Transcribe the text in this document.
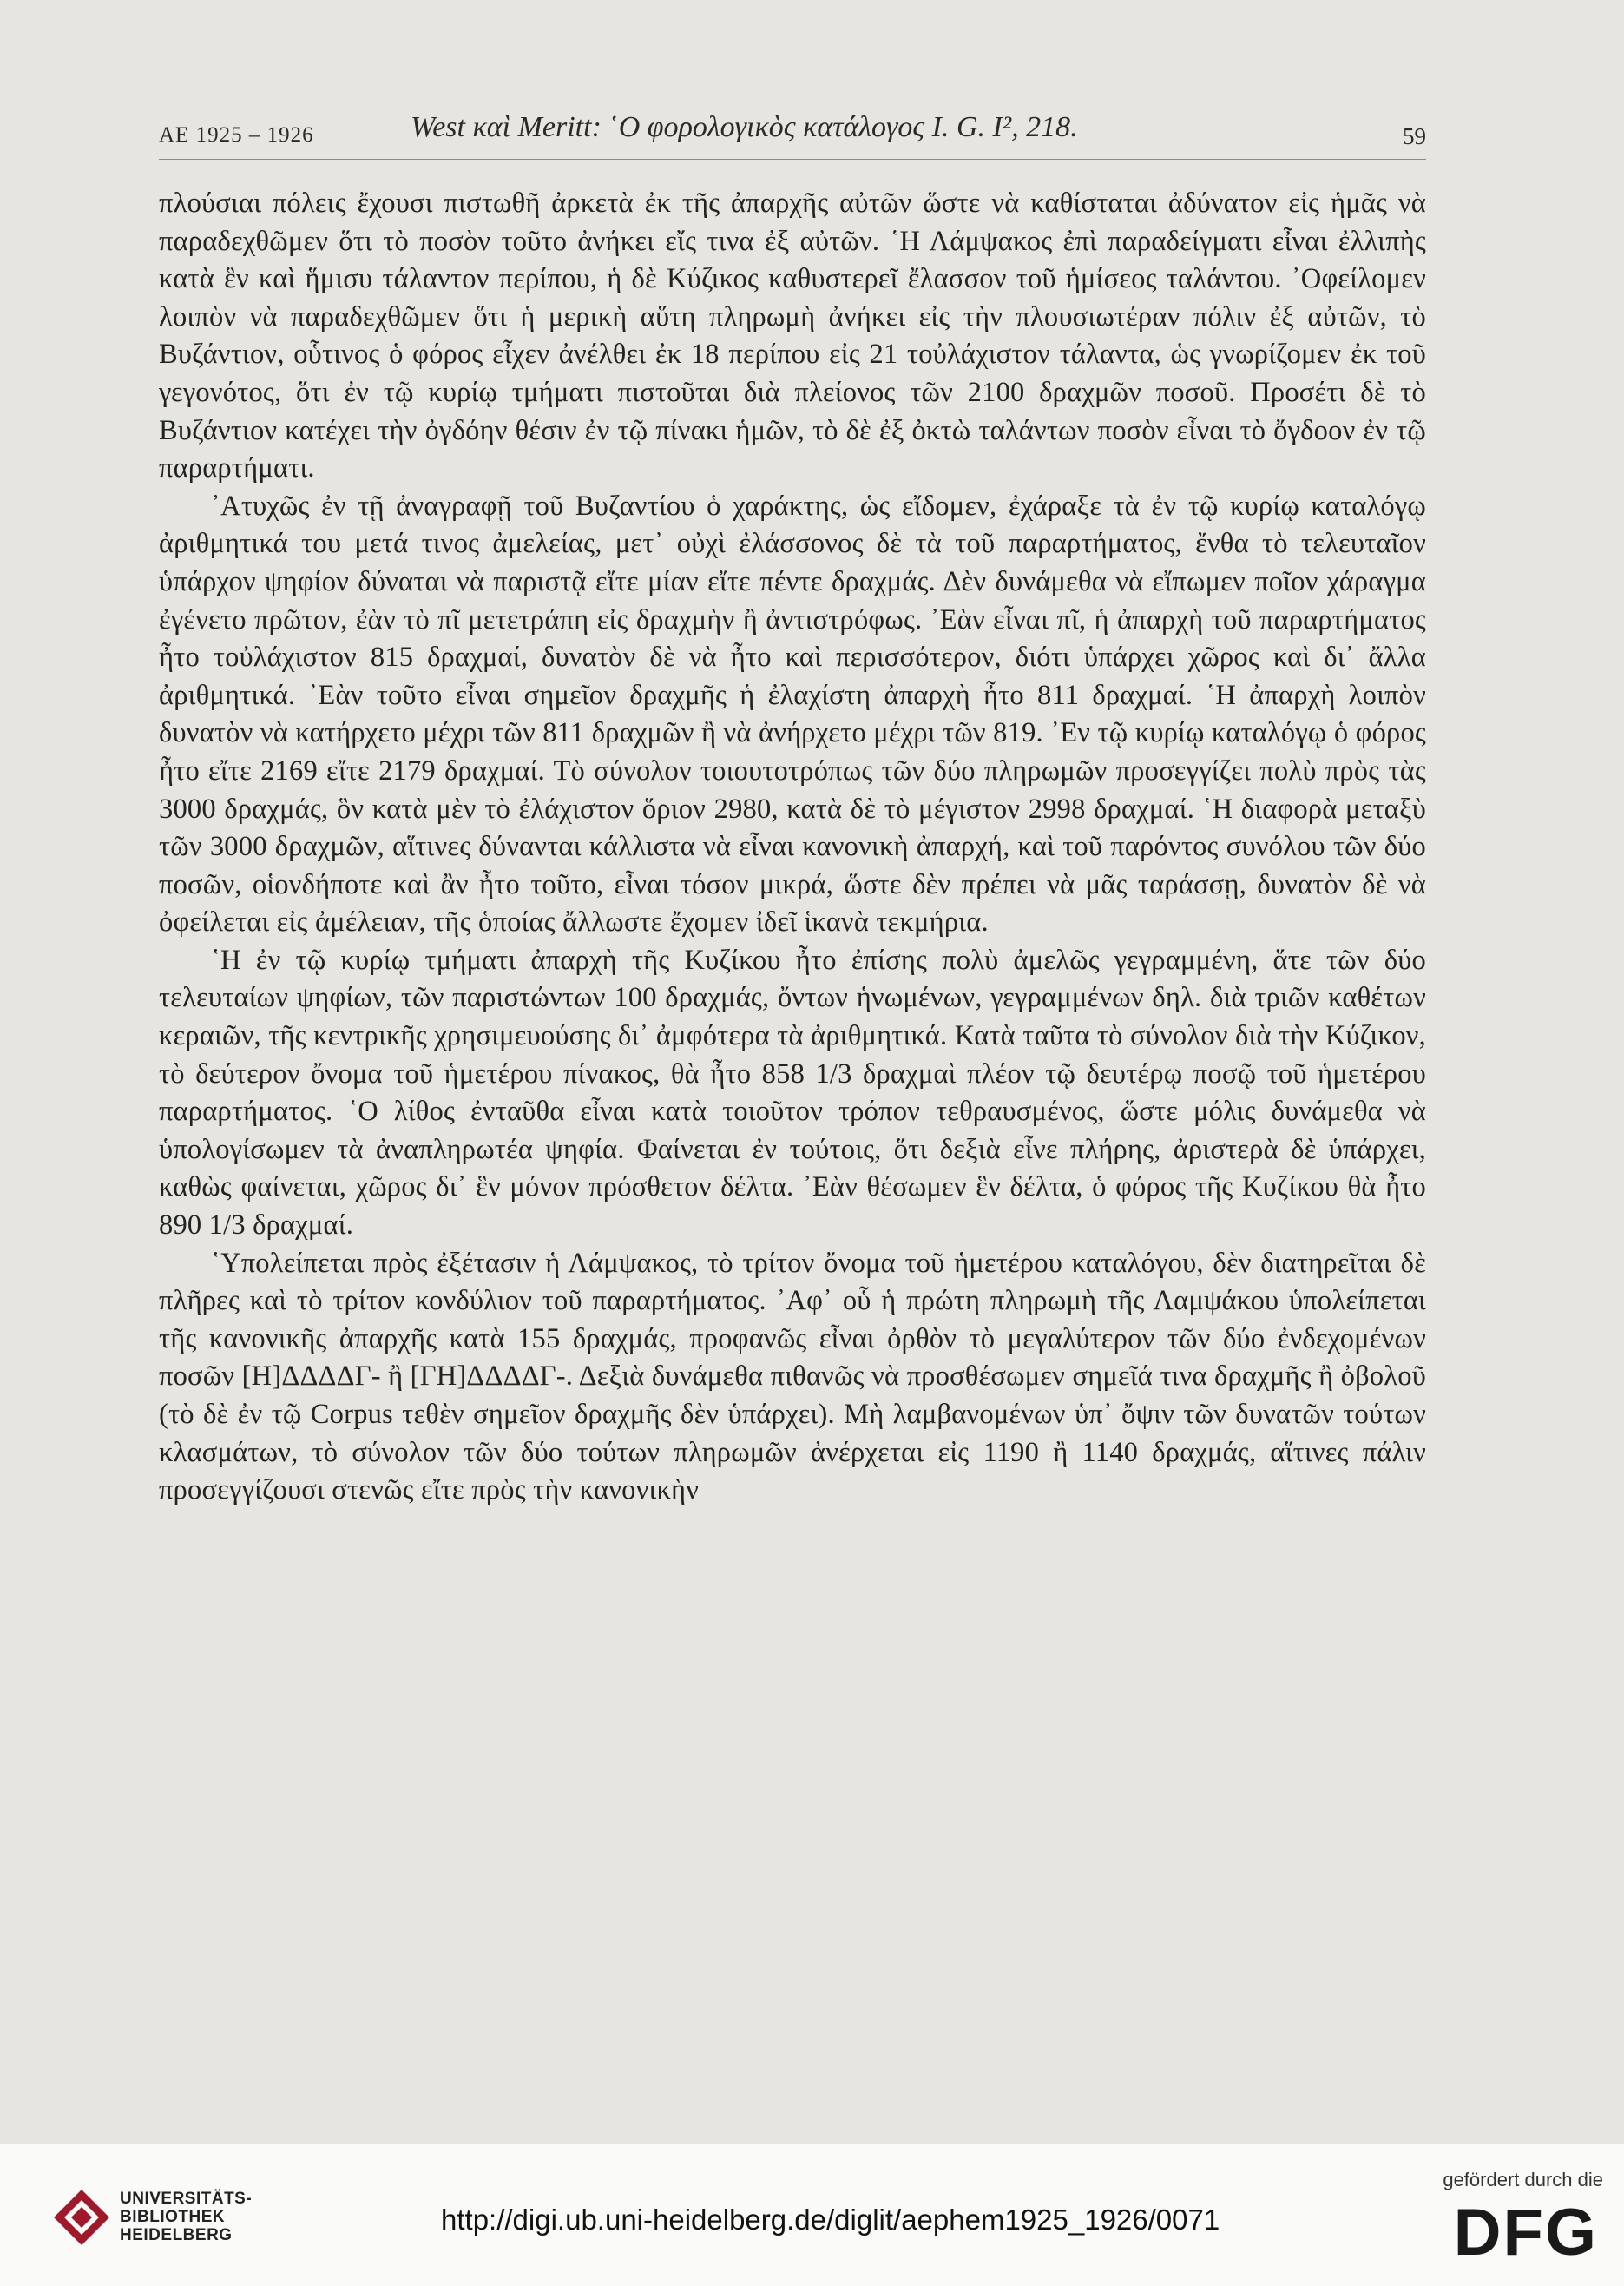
ΑΕ 1925 – 1926	West καὶ Meritt: ῾Ο φορολογικὸς κατάλογος I. G. I², 218.	59

πλούσιαι πόλεις ἔχουσι πιστωθῆ ἀρκετὰ ἐκ τῆς ἀπαρχῆς αὐτῶν ὥστε νὰ καθίσταται ἀδύνατον εἰς ἡμᾶς νὰ παραδεχθῶμεν ὅτι τὸ ποσὸν τοῦτο ἀνήκει εἴς τινα ἐξ αὐτῶν. ῾Η Λάμψακος ἐπὶ παραδείγματι εἶναι ἐλλιπὴς κατὰ ἓν καὶ ἥμισυ τάλαντον περίπου, ἡ δὲ Κύζικος καθυστερεῖ ἔλασσον τοῦ ἡμίσεος ταλάντου. ᾿Οφείλομεν λοιπὸν νὰ παραδεχθῶμεν ὅτι ἡ μερικὴ αὕτη πληρωμὴ ἀνήκει εἰς τὴν πλουσιωτέραν πόλιν ἐξ αὐτῶν, τὸ Βυζάντιον, οὗτινος ὁ φόρος εἶχεν ἀνέλθει ἐκ 18 περίπου εἰς 21 τοὐλάχιστον τάλαντα, ὡς γνωρίζομεν ἐκ τοῦ γεγονότος, ὅτι ἐν τῷ κυρίῳ τμήματι πιστοῦται διὰ πλείονος τῶν 2100 δραχμῶν ποσοῦ. Προσέτι δὲ τὸ Βυζάντιον κατέχει τὴν ὀγδόην θέσιν ἐν τῷ πίνακι ἡμῶν, τὸ δὲ ἐξ ὀκτὼ ταλάντων ποσὸν εἶναι τὸ ὄγδοον ἐν τῷ παραρτήματι.

᾿Ατυχῶς ἐν τῇ ἀναγραφῇ τοῦ Βυζαντίου ὁ χαράκτης, ὡς εἴδομεν, ἐχάραξε τὰ ἐν τῷ κυρίῳ καταλόγῳ ἀριθμητικά του μετά τινος ἀμελείας, μετ᾿ οὐχὶ ἐλάσσονος δὲ τὰ τοῦ παραρτήματος, ἔνθα τὸ τελευταῖον ὑπάρχον ψηφίον δύναται νὰ παριστᾷ εἴτε μίαν εἴτε πέντε δραχμάς. Δὲν δυνάμεθα νὰ εἴπωμεν ποῖον χάραγμα ἐγένετο πρῶτον, ἐὰν τὸ πῖ μετετράπη εἰς δραχμὴν ἢ ἀντιστρόφως. ᾿Εὰν εἶναι πῖ, ἡ ἀπαρχὴ τοῦ παραρτήματος ἦτο τοὐλάχιστον 815 δραχμαί, δυνατὸν δὲ νὰ ἦτο καὶ περισσότερον, διότι ὑπάρχει χῶρος καὶ δι᾿ ἄλλα ἀριθμητικά. ᾿Εὰν τοῦτο εἶναι σημεῖον δραχμῆς ἡ ἐλαχίστη ἀπαρχὴ ἦτο 811 δραχμαί. ῾Η ἀπαρχὴ λοιπὸν δυνατὸν νὰ κατήρχετο μέχρι τῶν 811 δραχμῶν ἢ νὰ ἀνήρχετο μέχρι τῶν 819. ᾿Εν τῷ κυρίῳ καταλόγῳ ὁ φόρος ἦτο εἴτε 2169 εἴτε 2179 δραχμαί. Τὸ σύνολον τοιουτοτρόπως τῶν δύο πληρωμῶν προσεγγίζει πολὺ πρὸς τὰς 3000 δραχμάς, ὃν κατὰ μὲν τὸ ἐλάχιστον ὅριον 2980, κατὰ δὲ τὸ μέγιστον 2998 δραχμαί. ῾Η διαφορὰ μεταξὺ τῶν 3000 δραχμῶν, αἵτινες δύνανται κάλλιστα νὰ εἶναι κανονικὴ ἀπαρχή, καὶ τοῦ παρόντος συνόλου τῶν δύο ποσῶν, οἱονδήποτε καὶ ἂν ἦτο τοῦτο, εἶναι τόσον μικρά, ὥστε δὲν πρέπει νὰ μᾶς ταράσσῃ, δυνατὸν δὲ νὰ ὀφείλεται εἰς ἀμέλειαν, τῆς ὁποίας ἄλλωστε ἔχομεν ἰδεῖ ἱκανὰ τεκμήρια.

῾Η ἐν τῷ κυρίῳ τμήματι ἀπαρχὴ τῆς Κυζίκου ἦτο ἐπίσης πολὺ ἀμελῶς γεγραμμένη, ἅτε τῶν δύο τελευταίων ψηφίων, τῶν παριστώντων 100 δραχμάς, ὄντων ἡνωμένων, γεγραμμένων δηλ. διὰ τριῶν καθέτων κεραιῶν, τῆς κεντρικῆς χρησιμευούσης δι᾿ ἀμφότερα τὰ ἀριθμητικά. Κατὰ ταῦτα τὸ σύνολον διὰ τὴν Κύζικον, τὸ δεύτερον ὄνομα τοῦ ἡμετέρου πίνακος, θὰ ἦτο 858 1/3 δραχμαὶ πλέον τῷ δευτέρῳ ποσῷ τοῦ ἡμετέρου παραρτήματος. ῾Ο λίθος ἐνταῦθα εἶναι κατὰ τοιοῦτον τρόπον τεθραυσμένος, ὥστε μόλις δυνάμεθα νὰ ὑπολογίσωμεν τὰ ἀναπληρωτέα ψηφία. Φαίνεται ἐν τούτοις, ὅτι δεξιὰ εἶνε πλήρης, ἀριστερὰ δὲ ὑπάρχει, καθὼς φαίνεται, χῶρος δι᾿ ἓν μόνον πρόσθετον δέλτα. ᾿Εὰν θέσωμεν ἓν δέλτα, ὁ φόρος τῆς Κυζίκου θὰ ἦτο 890 1/3 δραχμαί.

῾Υπολείπεται πρὸς ἐξέτασιν ἡ Λάμψακος, τὸ τρίτον ὄνομα τοῦ ἡμετέρου καταλόγου, δὲν διατηρεῖται δὲ πλῆρες καὶ τὸ τρίτον κονδύλιον τοῦ παραρτήματος. ᾿Αφ᾿ οὗ ἡ πρώτη πληρωμὴ τῆς Λαμψάκου ὑπολείπεται τῆς κανονικῆς ἀπαρχῆς κατὰ 155 δραχμάς, προφανῶς εἶναι ὀρθὸν τὸ μεγαλύτερον τῶν δύο ἐνδεχομένων ποσῶν [Η]ΔΔΔΔΓ- ἢ [ΓΗ]ΔΔΔΔΓ-. Δεξιὰ δυνάμεθα πιθανῶς νὰ προσθέσωμεν σημεῖά τινα δραχμῆς ἢ ὀβολοῦ (τὸ δὲ ἐν τῷ Corpus τεθὲν σημεῖον δραχμῆς δὲν ὑπάρχει). Μὴ λαμβανομένων ὑπ᾿ ὄψιν τῶν δυνατῶν τούτων κλασμάτων, τὸ σύνολον τῶν δύο τούτων πληρωμῶν ἀνέρχεται εἰς 1190 ἢ 1140 δραχμάς, αἵτινες πάλιν προσεγγίζουσι στενῶς εἴτε πρὸς τὴν κανονικὴν

UNIVERSITÄTS-
BIBLIOTHEK
HEIDELBERG	http://digi.ub.uni-heidelberg.de/diglit/aephem1925_1926/0071
gefördert durch die
DFG
